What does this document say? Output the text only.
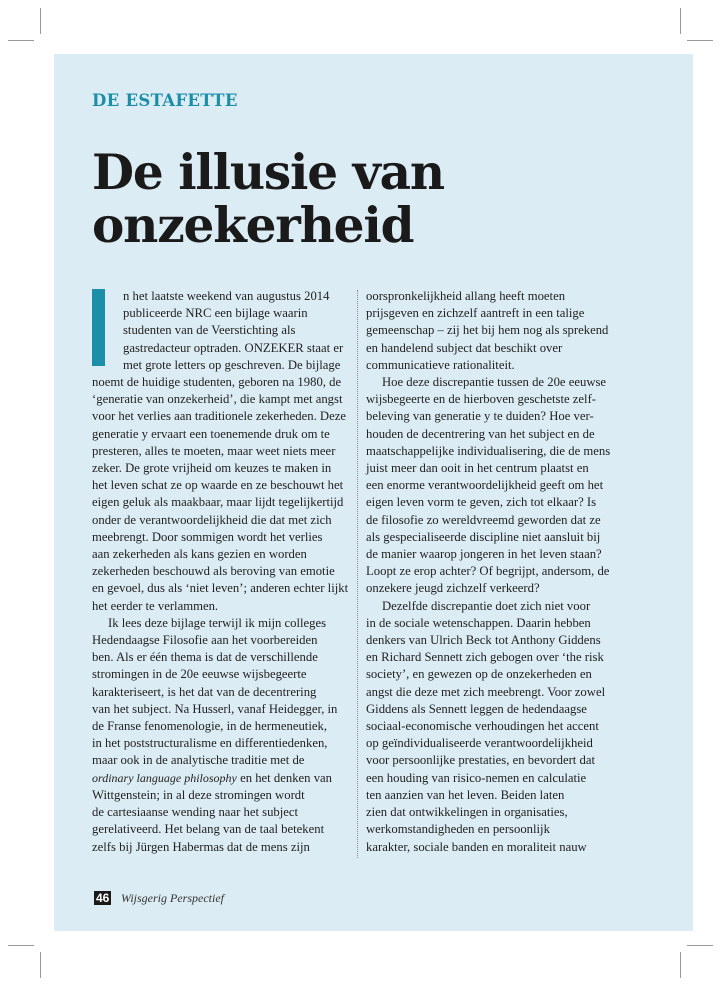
DE ESTAFETTE
De illusie van
onzekerheid

n het laatste weekend van augustus 2014
publiceerde NRC een bijlage waarin
studenten van de Veerstichting als
gastredacteur optraden. ONZEKER staat er
met grote letters op geschreven. De bijlage
noemt de huidige studenten, geboren na 1980, de
‘generatie van onzekerheid’, die kampt met angst
voor het verlies aan traditionele zekerheden. Deze
generatie y ervaart een toenemende druk om te
presteren, alles te moeten, maar weet niets meer
zeker. De grote vrijheid om keuzes te maken in
het leven schat ze op waarde en ze beschouwt het
eigen geluk als maakbaar, maar lijdt tegelijkertijd
onder de verantwoordelijkheid die dat met zich
meebrengt. Door sommigen wordt het verlies
aan zekerheden als kans gezien en worden
zekerheden beschouwd als beroving van emotie
en gevoel, dus als ‘niet leven’; anderen echter lijkt
het eerder te verlammen.

Ik lees deze bijlage terwijl ik mijn colleges
Hedendaagse Filosofie aan het voorbereiden
ben. Als er één thema is dat de verschillende
stromingen in de 20e eeuwse wijsbegeerte
karakteriseert, is het dat van de decentrering
van het subject. Na Husserl, vanaf Heidegger, in
de Franse fenomenologie, in de hermeneutiek,
in het poststructuralisme en differentiedenken,
maar ook in de analytische traditie met de
ordinary language philosophy en het denken van
Wittgenstein; in al deze stromingen wordt
de cartesiaanse wending naar het subject
gerelativeerd. Het belang van de taal betekent
zelfs bij Jürgen Habermas dat de mens zijn

oorspronkelijkheid allang heeft moeten
prijsgeven en zichzelf aantreft in een talige
gemeenschap – zij het bij hem nog als sprekend
en handelend subject dat beschikt over
communicatieve rationaliteit.

Hoe deze discrepantie tussen de 20e eeuwse
wijsbegeerte en de hierboven geschetste zelf-
beleving van generatie y te duiden? Hoe ver-
houden de decentrering van het subject en de
maatschappelijke individualisering, die de mens
juist meer dan ooit in het centrum plaatst en
een enorme verantwoordelijkheid geeft om het
eigen leven vorm te geven, zich tot elkaar? Is
de filosofie zo wereldvreemd geworden dat ze
als gespecialiseerde discipline niet aansluit bij
de manier waarop jongeren in het leven staan?
Loopt ze erop achter? Of begrijpt, andersom, de
onzekere jeugd zichzelf verkeerd?

Dezelfde discrepantie doet zich niet voor
in de sociale wetenschappen. Daarin hebben
denkers van Ulrich Beck tot Anthony Giddens
en Richard Sennett zich gebogen over ‘the risk
society’, en gewezen op de onzekerheden en
angst die deze met zich meebrengt. Voor zowel
Giddens als Sennett leggen de hedendaagse
sociaal-economische verhoudingen het accent
op geïndividualiseerde verantwoordelijkheid
voor persoonlijke prestaties, en bevordert dat
een houding van risico-nemen en calculatie
ten aanzien van het leven. Beiden laten
zien dat ontwikkelingen in organisaties,
werkomstandigheden en persoonlijk
karakter, sociale banden en moraliteit nauw

46 Wijsgerig Perspectief
